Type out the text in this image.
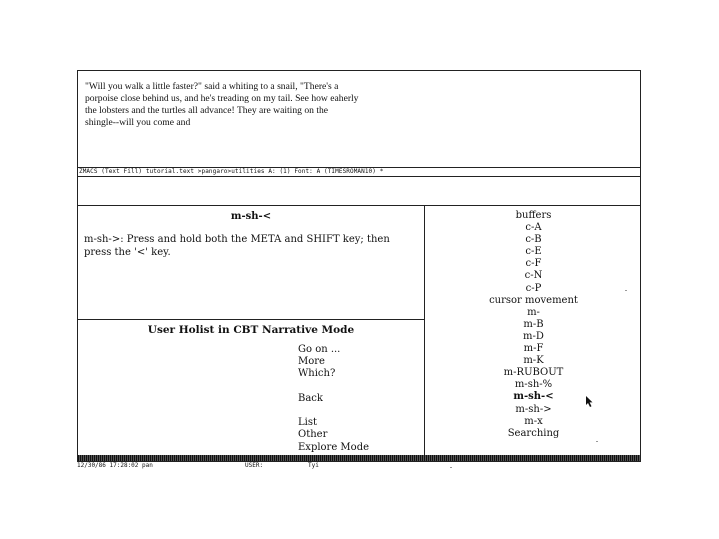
"Will you walk a little faster?" said a whiting to a snail, "There's a
porpoise close behind us, and he's treading on my tail. See how eaherly
the lobsters and the turtles all advance! They are waiting on the
shingle--will you come and
ZMACS (Text Fill) tutorial.text >pangaro>utilities A: (1) Font: A (TIMESROMAN10) *
m-sh-<
m-sh->: Press and hold both the META and SHIFT key; then press the '<' key.
User Holist in CBT Narrative Mode
Go on ...
More
Which?
Back
List
Other
Explore Mode
buffers
c-A
c-B
c-E
c-F
c-N
c-P
cursor movement
m-
m-B
m-D
m-F
m-K
m-RUBOUT
m-sh-%
m-sh-<
m-sh->
m-x
Searching
12/30/86 17:28:02 pan	USER:	Tyi
